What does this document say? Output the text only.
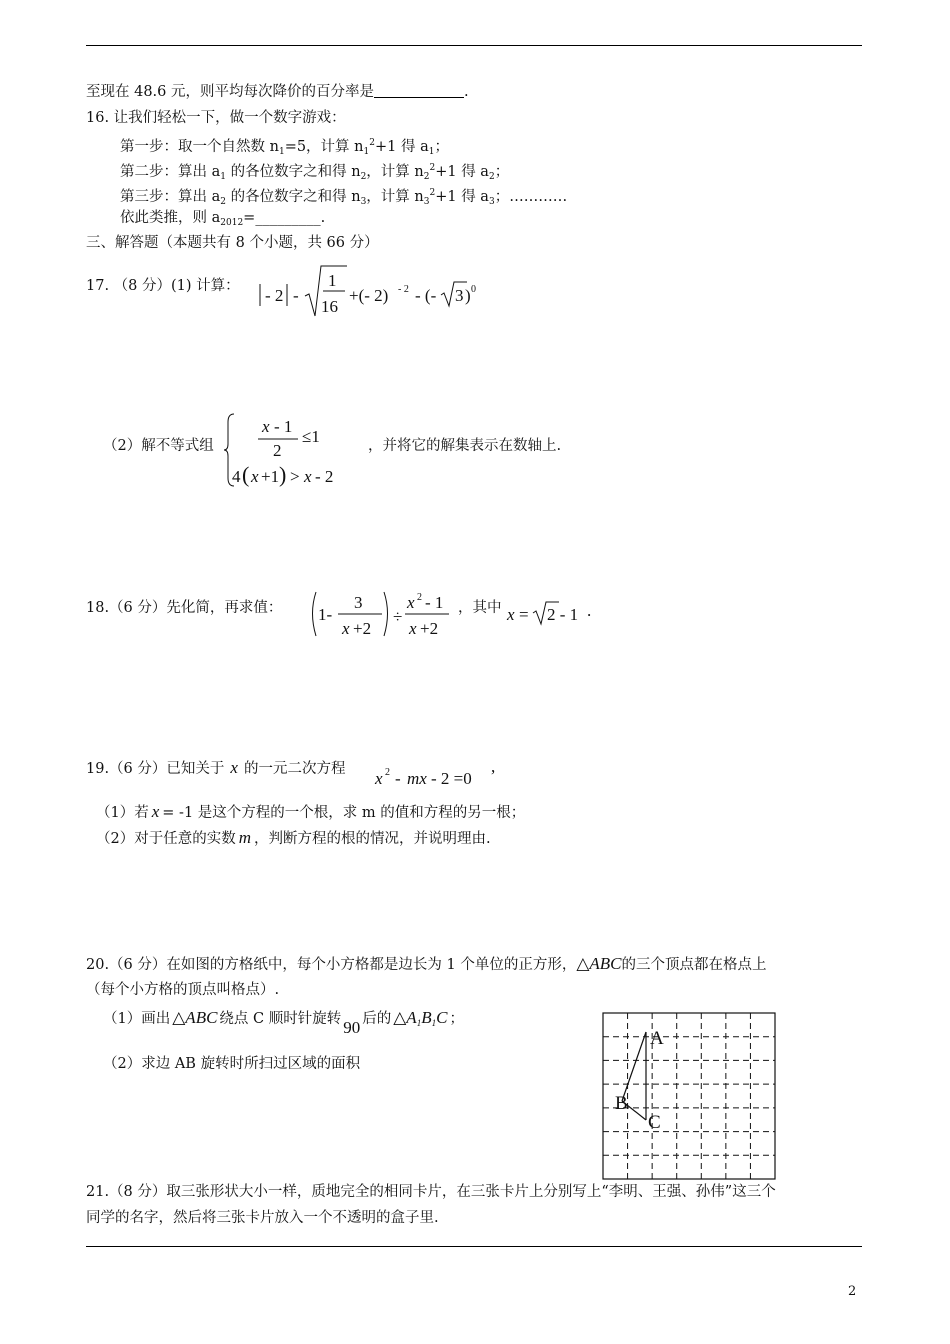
至现在 48.6 元，则平均每次降价的百分率是	.
16. 让我们轻松一下，做一个数字游戏：
第一步：取一个自然数 $n_1=5$，计算 $n_1^2+1$ 得 $a_1$；
第二步：算出 $a_1$ 的各位数字之和得 $n_2$，计算 $n_2^2+1$ 得 $a_2$；
第三步：算出 $a_2$ 的各位数字之和得 $n_3$，计算 $n_3^2+1$ 得 $a_3$；…………
依此类推，则 $a_{2012}=\_\_\_\_\_\_\_\_\_$.
三、解答题（本题共有 8 个小题，共 66 分）
17. （8 分）(1) 计算： - 2 -
1
16
+(- 2) - 2 - (- 3 ) 0
（2）解不等式组
x - 1
2
≤1
4 ( x +1 ) > x - 2
，并将它的解集表示在数轴上.
18.（6 分）先化简，再求值： 1-
3
x +2
÷
x 2 - 1
x +2
，其中 x = 2 - 1 .
19.（6 分）已知关于 x 的一元二次方程 x 2 - mx - 2 =0
,
（1）若 x = -1 是这个方程的一个根，求 m 的值和方程的另一根；
（2）对于任意的实数 m ，判断方程的根的情况，并说明理由.
20.（6 分）在如图的方格纸中，每个小方格都是边长为 1 个单位的正方形，△ABC的三个顶点都在格点上
（每个小方格的顶点叫格点）.
（1）画出 △ABC 绕点 C 顺时针旋转 90 后的 $\triangle A_1B_1C$ ；
（2）求边 AB 旋转时所扫过区域的面积
A
B
C
21.（8 分）取三张形状大小一样，质地完全的相同卡片，在三张卡片上分别写上“李明、王强、孙伟”这三个
同学的名字，然后将三张卡片放入一个不透明的盒子里.
2
